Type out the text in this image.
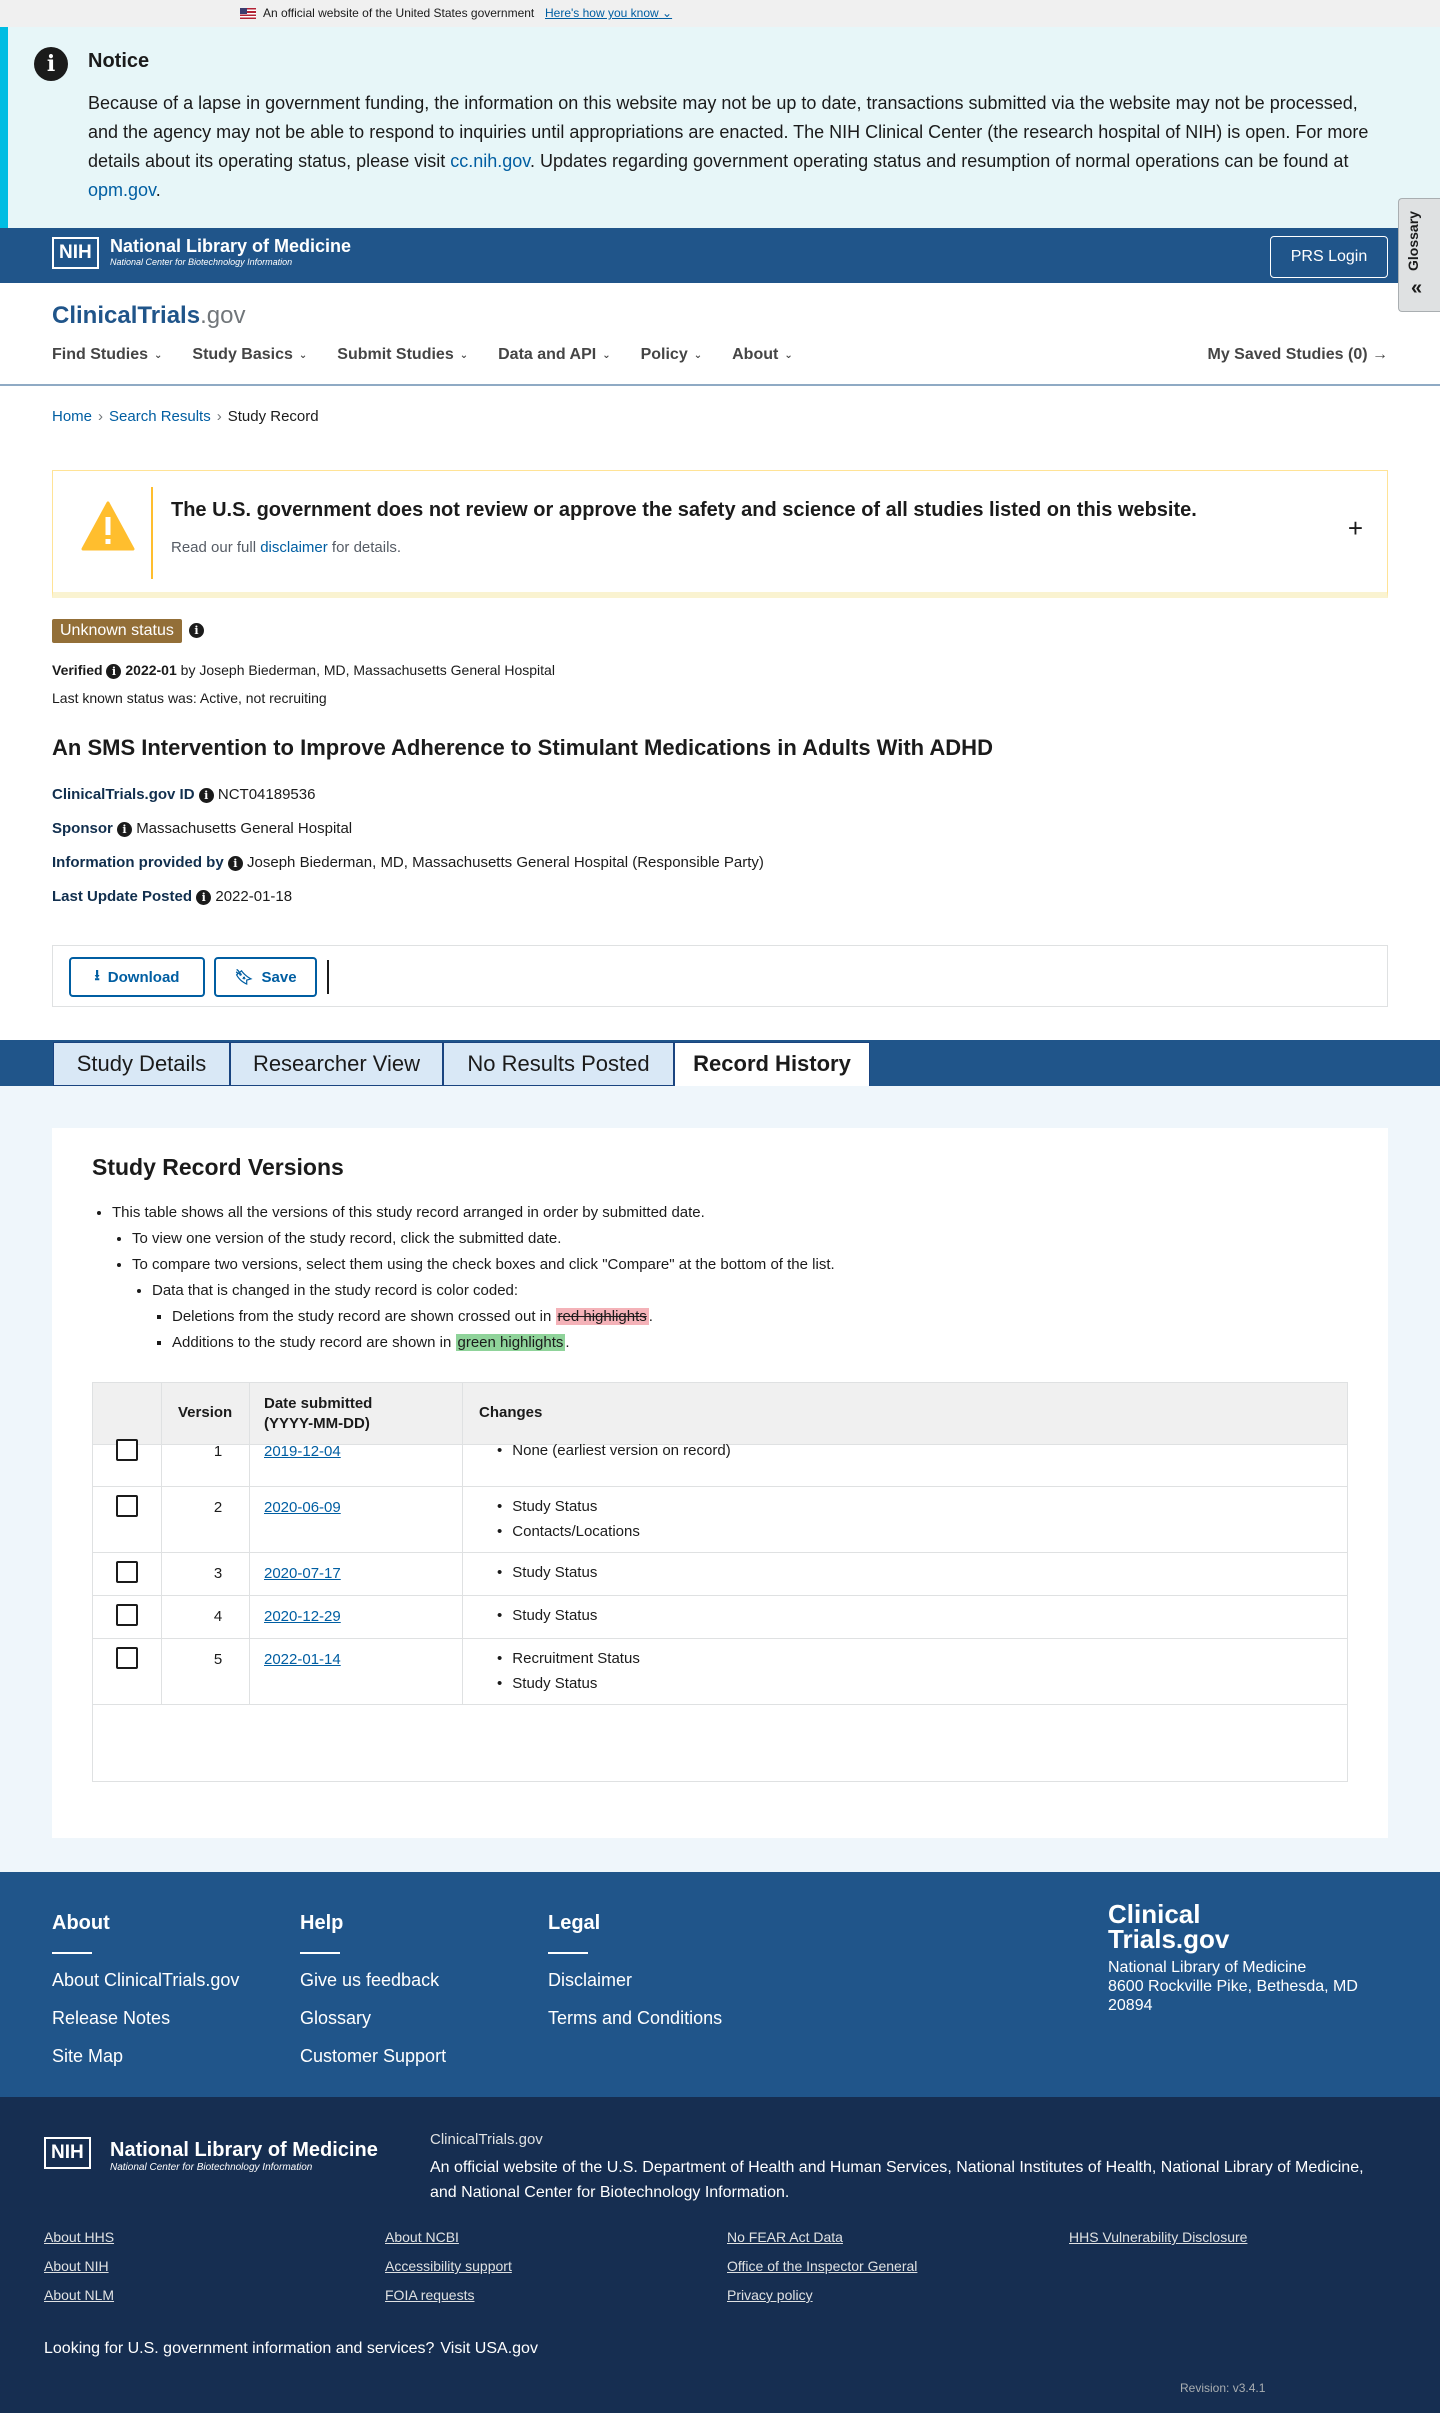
An official website of the United States government Here's how you know ⌄
i	Notice

Because of a lapse in government funding, the information on this website may not be up to date, transactions submitted via the website may not be processed, and the agency may not be able to respond to inquiries until appropriations are enacted. The NIH Clinical Center (the research hospital of NIH) is open. For more details about its operating status, please visit cc.nih.gov. Updates regarding government operating status and resumption of normal operations can be found at opm.gov.

NIH	National Library of Medicine
National Center for Biotechnology Information	PRS Login	Glossary
«
ClinicalTrials.gov
Find Studies ⌄ Study Basics ⌄ Submit Studies ⌄ Data and API ⌄ Policy ⌄ About ⌄	My Saved Studies (0) →
Home › Search Results › Study Record
The U.S. government does not review or approve the safety and science of all studies listed on this website.
Read our full disclaimer for details.
+
Unknown status	i
Verified i 2022-01 by Joseph Biederman, MD, Massachusetts General Hospital
Last known status was: Active, not recruiting
An SMS Intervention to Improve Adherence to Stimulant Medications in Adults With ADHD
ClinicalTrials.gov ID i NCT04189536
Sponsor i Massachusetts General Hospital
Information provided by i Joseph Biederman, MD, Massachusetts General Hospital (Responsible Party)
Last Update Posted i 2022-01-18
⭳ Download	🔖︎ Save
Study Details	Researcher View	No Results Posted	Record History
Study Record Versions
• This table shows all the versions of this study record arranged in order by submitted date.
• To view one version of the study record, click the submitted date.
• To compare two versions, select them using the check boxes and click "Compare" at the bottom of the list.
• Data that is changed in the study record is color coded:
▪ Deletions from the study record are shown crossed out in red highlights .
▪ Additions to the study record are shown in green highlights .
Version
Date submitted
(YYYY-MM-DD)
Changes
1	2019-12-04	• None (earliest version on record)
2	2020-06-09	• Study Status
• Contacts/Locations
3	2020-07-17	• Study Status
4	2020-12-29	• Study Status
5	2022-01-14	• Recruitment Status
• Study Status
About
About ClinicalTrials.gov
Release Notes
Site Map
Help
Give us feedback
Glossary
Customer Support
Legal
Disclaimer
Terms and Conditions
Clinical
Trials.gov
National Library of Medicine
8600 Rockville Pike, Bethesda, MD
20894
NIH	National Library of Medicine
National Center for Biotechnology Information
ClinicalTrials.gov
An official website of the U.S. Department of Health and Human Services, National Institutes of Health, National Library of Medicine, and National Center for Biotechnology Information.
About HHS
About NIH
About NLM
About NCBI
Accessibility support
FOIA requests
No FEAR Act Data
Office of the Inspector General
Privacy policy
HHS Vulnerability Disclosure
Looking for U.S. government information and services? Visit USA.gov
Revision: v3.4.1
